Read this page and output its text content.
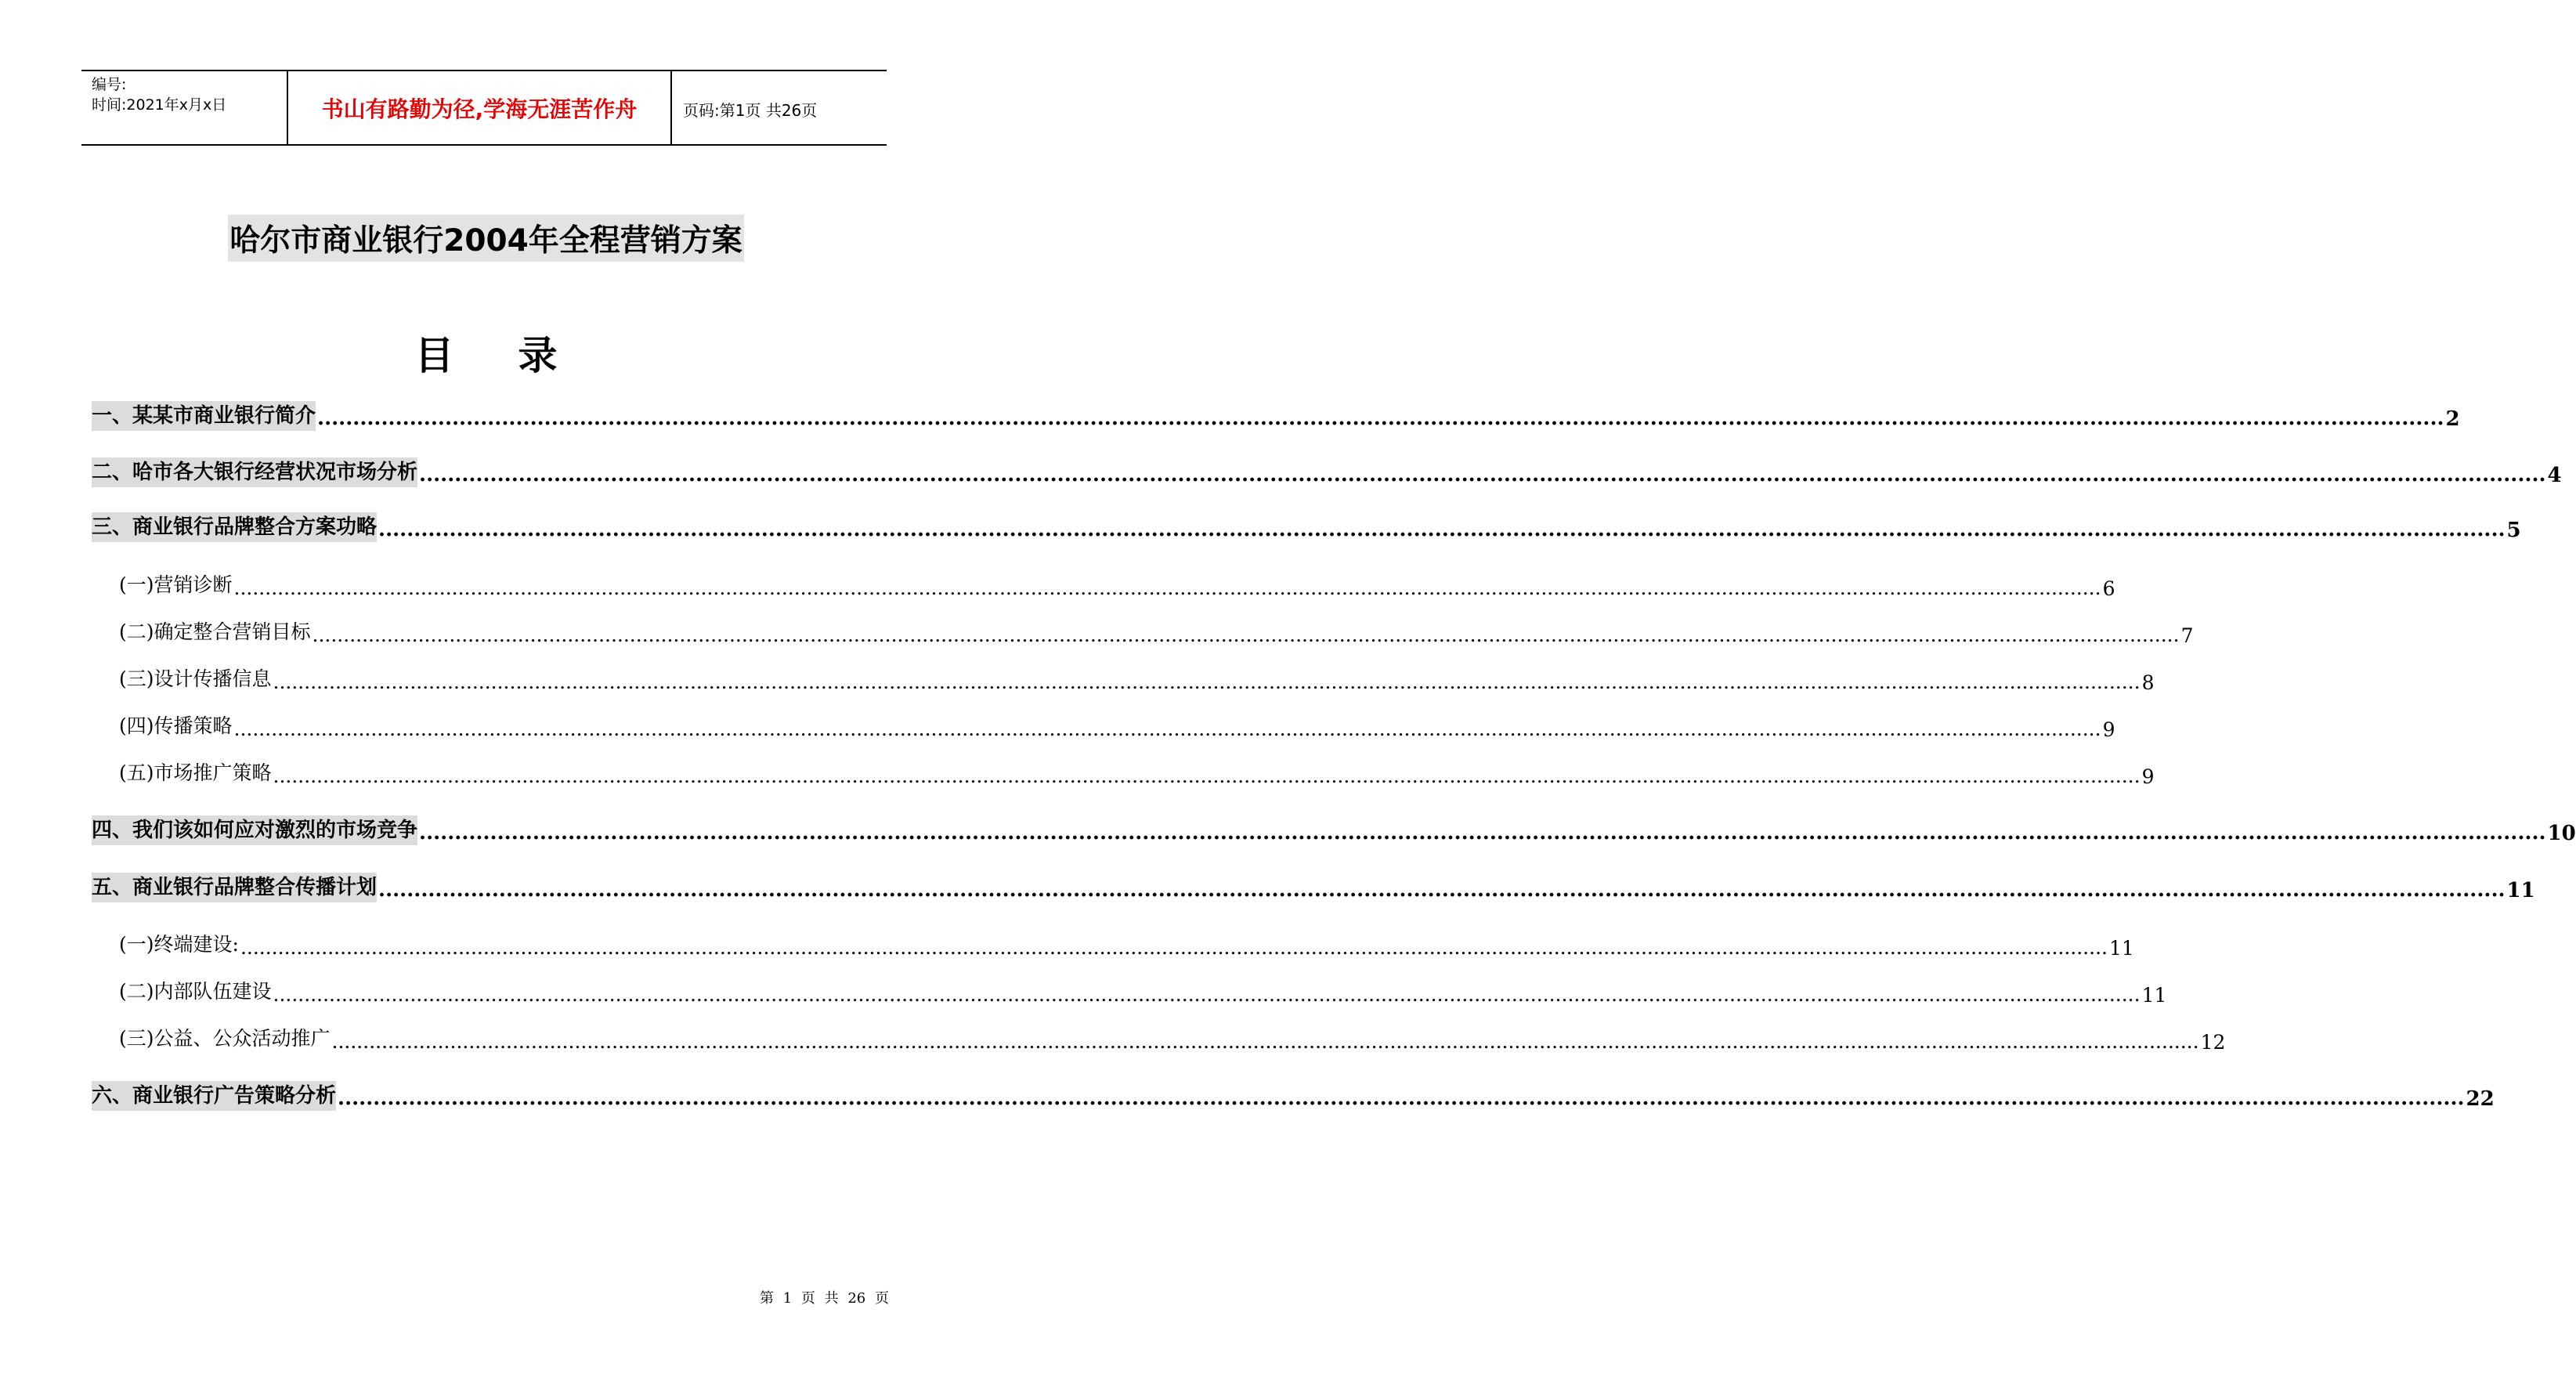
编号:
时间:2021年x月x日	书山有路勤为径,学海无涯苦作舟	页码:第1页 共26页
哈尔市商业银行2004年全程营销方案
目 录
一、某某市商业银行简介 ............................................................................................................................................................................................................................................................................................................ 2
二、哈市各大银行经营状况市场分析 ............................................................................................................................................................................................................................................................................................................ 4
三、商业银行品牌整合方案功略 ............................................................................................................................................................................................................................................................................................................ 5
(一)营销诊断 ............................................................................................................................................................................................................................................................................................................ 6
(二)确定整合营销目标 ............................................................................................................................................................................................................................................................................................................ 7
(三)设计传播信息 ............................................................................................................................................................................................................................................................................................................ 8
(四)传播策略 ............................................................................................................................................................................................................................................................................................................ 9
(五)市场推广策略 ............................................................................................................................................................................................................................................................................................................ 9
四、我们该如何应对激烈的市场竞争 ............................................................................................................................................................................................................................................................................................................ 10
五、商业银行品牌整合传播计划 ............................................................................................................................................................................................................................................................................................................ 11
(一)终端建设: ............................................................................................................................................................................................................................................................................................................ 11
(二)内部队伍建设 ............................................................................................................................................................................................................................................................................................................ 11
(三)公益、公众活动推广 ............................................................................................................................................................................................................................................................................................................ 12
六、商业银行广告策略分析 ............................................................................................................................................................................................................................................................................................................ 22
第 1 页 共 26 页
